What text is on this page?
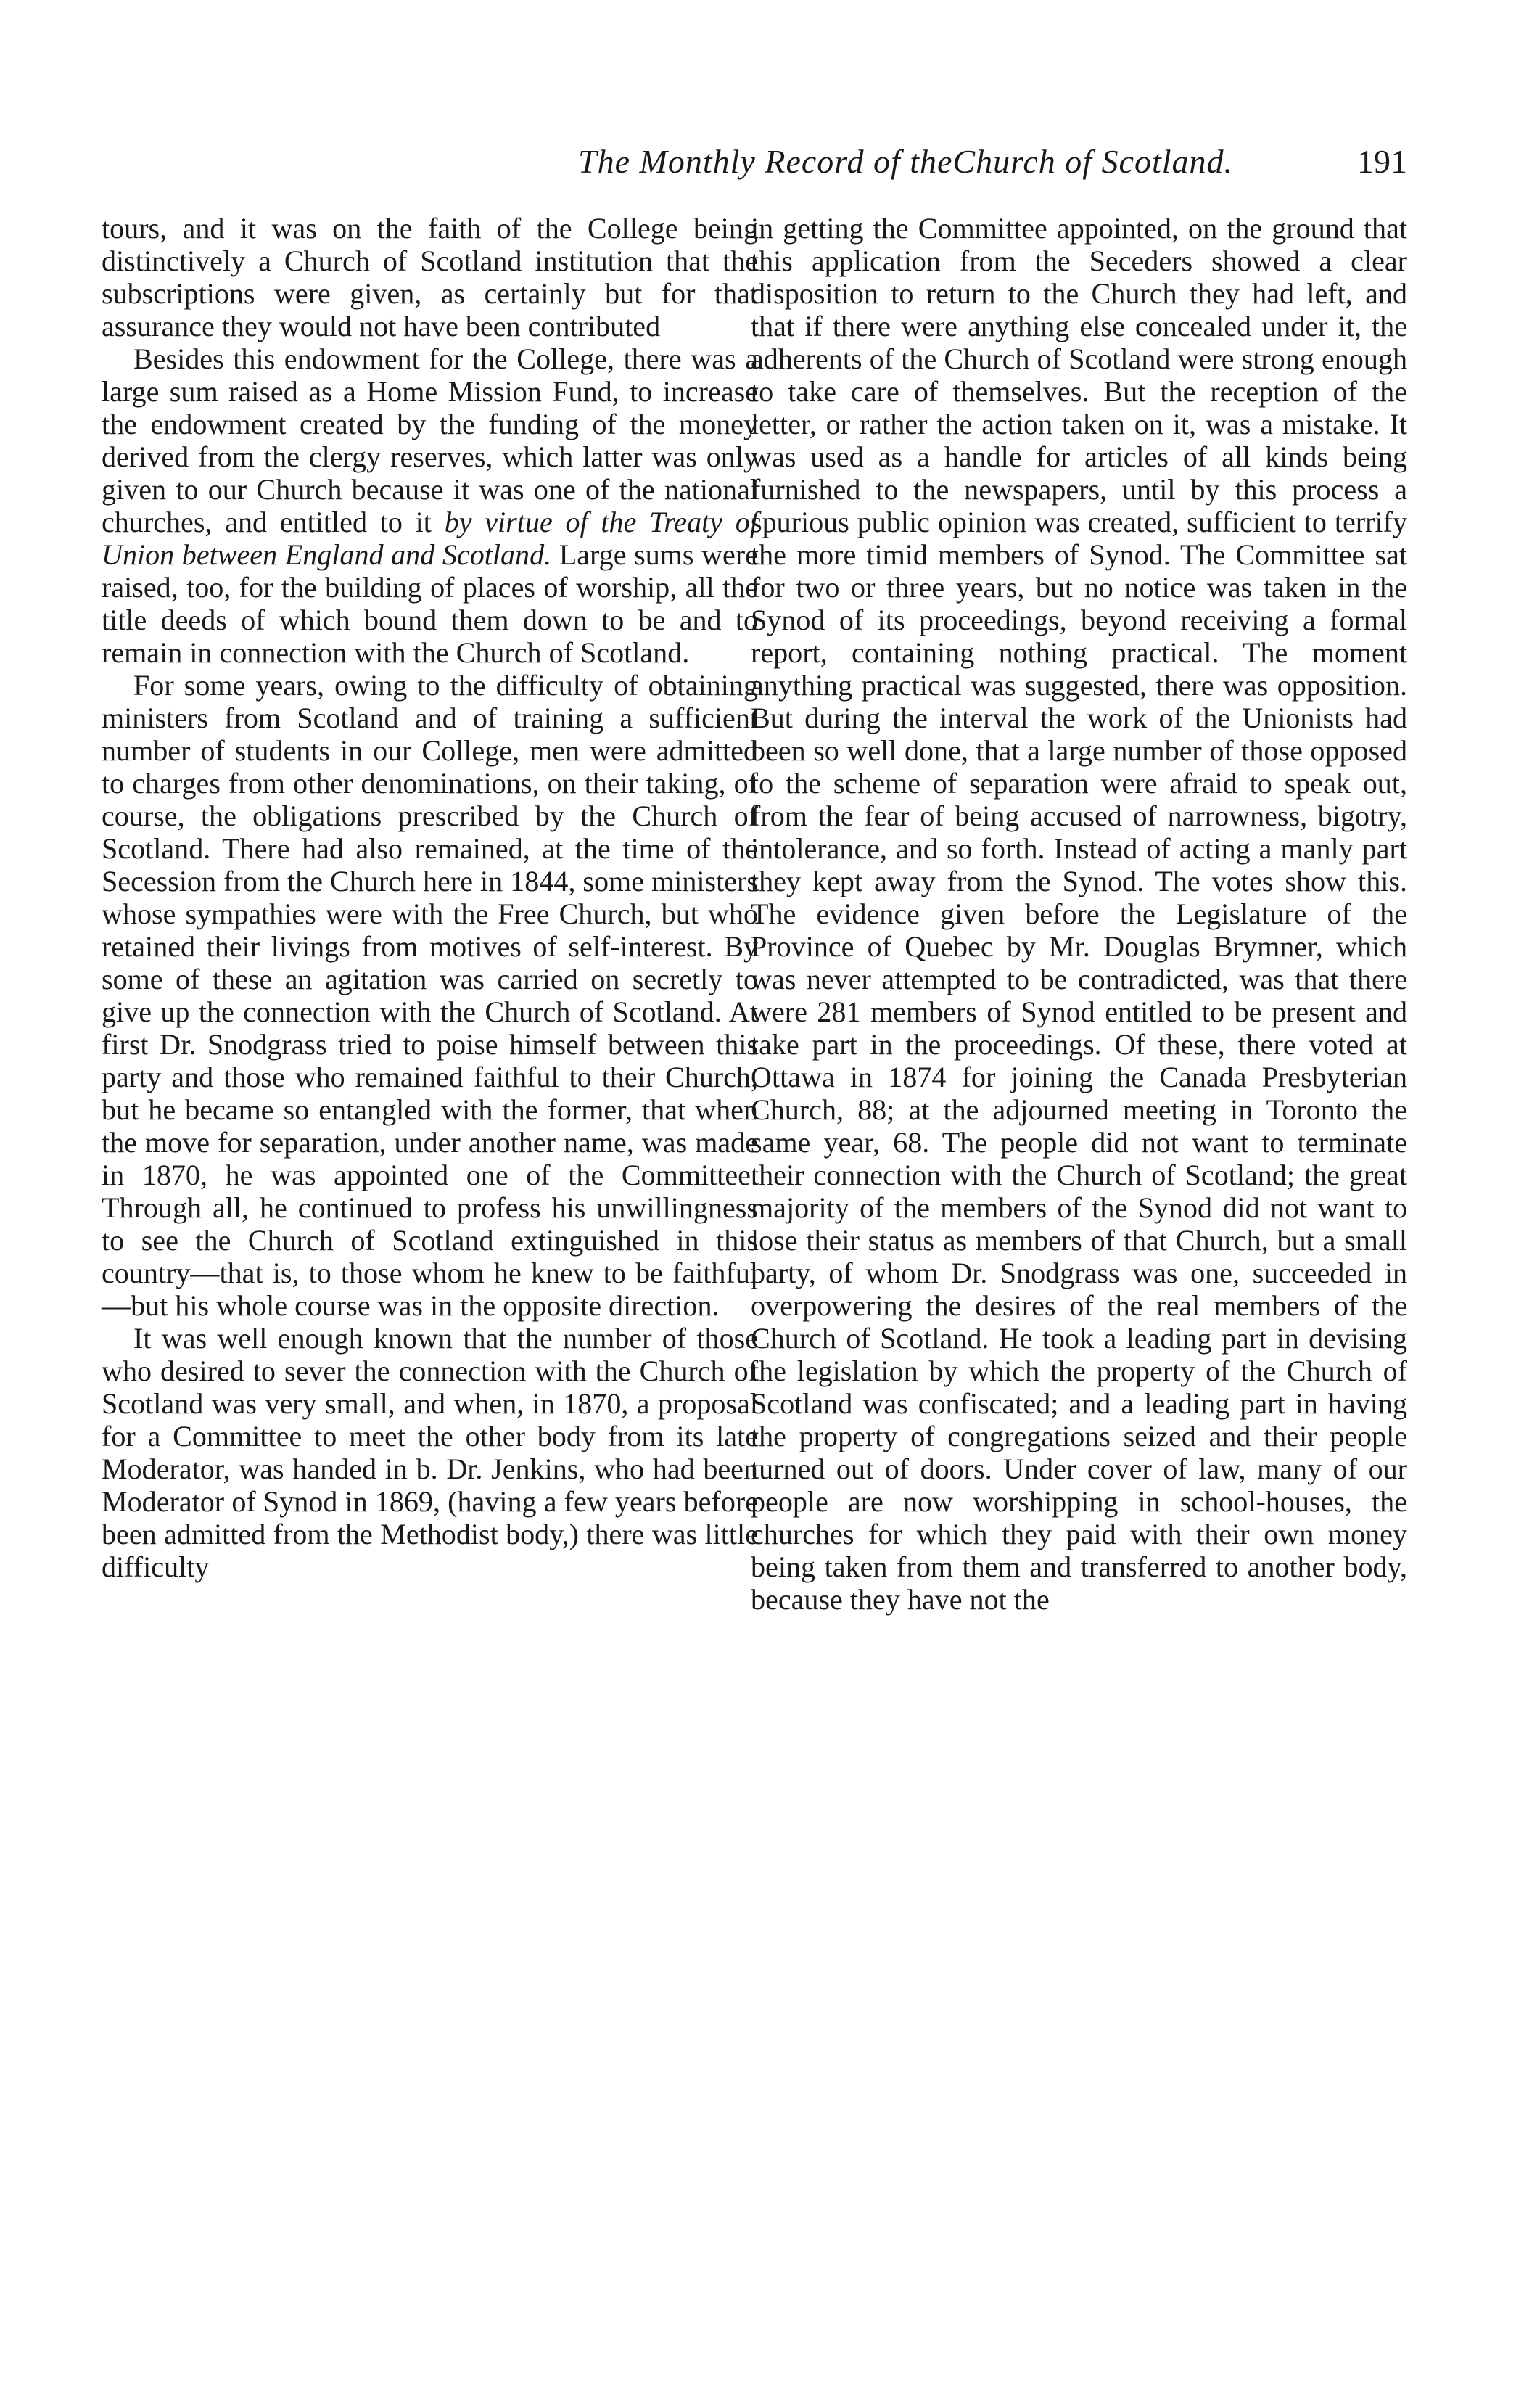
The Monthly Record of theChurch of Scotland.	191

tours, and it was on the faith of the College being distinctively a Church of Scotland institution that the subscriptions were given, as certainly but for that assurance they would not have been contributed

Besides this endowment for the College, there was a large sum raised as a Home Mission Fund, to increase the endowment created by the funding of the money derived from the clergy reserves, which latter was only given to our Church because it was one of the national churches, and entitled to it by virtue of the Treaty of Union between England and Scotland. Large sums were raised, too, for the building of places of worship, all the title deeds of which bound them down to be and to remain in connection with the Church of Scotland.

For some years, owing to the difficulty of obtaining ministers from Scotland and of training a sufficient number of students in our College, men were admitted to charges from other denominations, on their taking, of course, the obligations prescribed by the Church of Scotland. There had also remained, at the time of the Secession from the Church here in 1844, some ministers whose sympathies were with the Free Church, but who retained their livings from motives of self-interest. By some of these an agitation was carried on secretly to give up the connection with the Church of Scotland. At first Dr. Snodgrass tried to poise himself between this party and those who remained faithful to their Church, but he became so entangled with the former, that when the move for separation, under another name, was made in 1870, he was appointed one of the Committee. Through all, he continued to profess his unwillingness to see the Church of Scotland extinguished in this country—that is, to those whom he knew to be faithful —but his whole course was in the opposite direction.

It was well enough known that the number of those who desired to sever the connection with the Church of Scotland was very small, and when, in 1870, a proposal for a Committee to meet the other body from its late Moderator, was handed in b. Dr. Jenkins, who had been Moderator of Synod in 1869, (having a few years before been admitted from the Methodist body,) there was little difficulty

in getting the Committee appointed, on the ground that this application from the Seceders showed a clear disposition to return to the Church they had left, and that if there were anything else concealed under it, the adherents of the Church of Scotland were strong enough to take care of themselves. But the reception of the letter, or rather the action taken on it, was a mistake. It was used as a handle for articles of all kinds being furnished to the newspapers, until by this process a spurious public opinion was created, sufficient to terrify the more timid members of Synod. The Committee sat for two or three years, but no notice was taken in the Synod of its proceedings, beyond receiving a formal report, containing nothing practical. The moment anything practical was suggested, there was opposition. But during the interval the work of the Unionists had been so well done, that a large number of those opposed to the scheme of separation were afraid to speak out, from the fear of being accused of narrowness, bigotry, intolerance, and so forth. Instead of acting a manly part they kept away from the Synod. The votes show this. The evidence given before the Legislature of the Province of Quebec by Mr. Douglas Brymner, which was never attempted to be contradicted, was that there were 281 members of Synod entitled to be present and take part in the proceedings. Of these, there voted at Ottawa in 1874 for joining the Canada Presbyterian Church, 88; at the adjourned meeting in Toronto the same year, 68. The people did not want to terminate their connection with the Church of Scotland; the great majority of the members of the Synod did not want to lose their status as members of that Church, but a small party, of whom Dr. Snodgrass was one, succeeded in overpowering the desires of the real members of the Church of Scotland. He took a leading part in devising the legislation by which the property of the Church of Scotland was confiscated; and a leading part in having the property of congregations seized and their people turned out of doors. Under cover of law, many of our people are now worshipping in school-houses, the churches for which they paid with their own money being taken from them and transferred to another body, because they have not the
